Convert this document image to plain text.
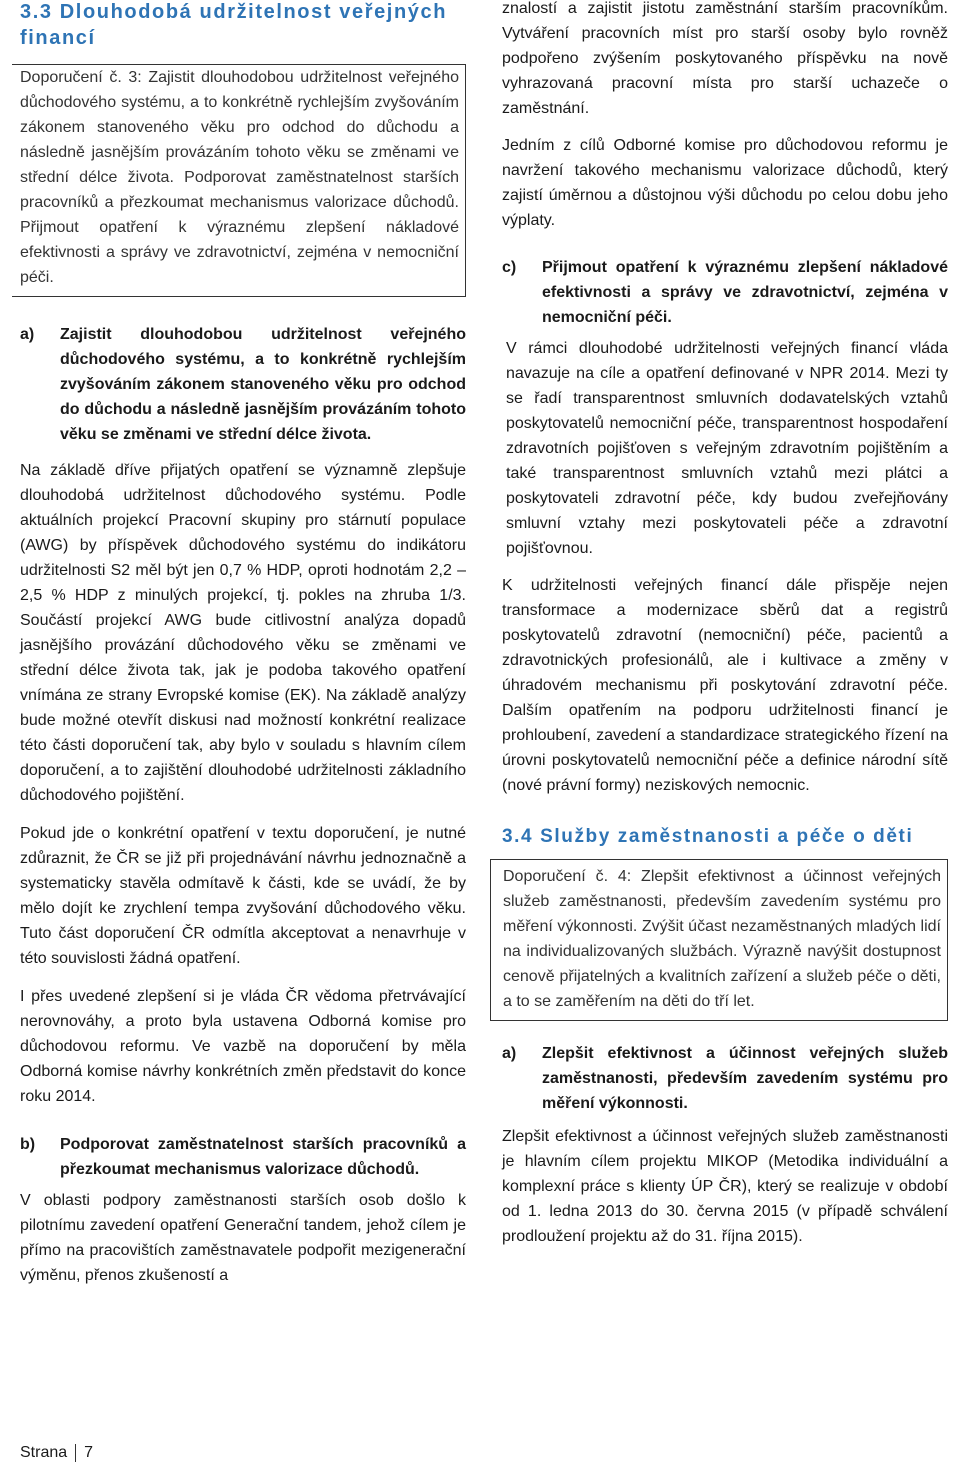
3.3 Dlouhodobá udržitelnost veřejných financí
Doporučení č. 3: Zajistit dlouhodobou udržitelnost veřejného důchodového systému, a to konkrétně rychlejším zvyšováním zákonem stanoveného věku pro odchod do důchodu a následně jasnějším provázáním tohoto věku se změnami ve střední délce života. Podporovat zaměstnatelnost starších pracovníků a přezkoumat mechanismus valorizace důchodů. Přijmout opatření k výraznému zlepšení nákladové efektivnosti a správy ve zdravotnictví, zejména v nemocniční péči.
a)	Zajistit dlouhodobou udržitelnost veřejného důchodového systému, a to konkrétně rychlejším zvyšováním zákonem stanoveného věku pro odchod do důchodu a následně jasnějším provázáním tohoto věku se změnami ve střední délce života.

Na základě dříve přijatých opatření se významně zlepšuje dlouhodobá udržitelnost důchodového systému. Podle aktuálních projekcí Pracovní skupiny pro stárnutí populace (AWG) by příspěvek důchodového systému do indikátoru udržitelnosti S2 měl být jen 0,7 % HDP, oproti hodnotám 2,2 – 2,5 % HDP z minulých projekcí, tj. pokles na zhruba 1/3. Součástí projekcí AWG bude citlivostní analýza dopadů jasnějšího provázání důchodového věku se změnami ve střední délce života tak, jak je podoba takového opatření vnímána ze strany Evropské komise (EK). Na základě analýzy bude možné otevřít diskusi nad možností konkrétní realizace této části doporučení tak, aby bylo v souladu s hlavním cílem doporučení, a to zajištění dlouhodobé udržitelnosti základního důchodového pojištění.

Pokud jde o konkrétní opatření v textu doporučení, je nutné zdůraznit, že ČR se již při projednávání návrhu jednoznačně a systematicky stavěla odmítavě k části, kde se uvádí, že by mělo dojít ke zrychlení tempa zvyšování důchodového věku. Tuto část doporučení ČR odmítla akceptovat a nenavrhuje v této souvislosti žádná opatření.

I přes uvedené zlepšení si je vláda ČR vědoma přetrvávající nerovnováhy, a proto byla ustavena Odborná komise pro důchodovou reformu. Ve vazbě na doporučení by měla Odborná komise návrhy konkrétních změn představit do konce roku 2014.

b)	Podporovat zaměstnatelnost starších pracovníků a přezkoumat mechanismus valorizace důchodů.

V oblasti podpory zaměstnanosti starších osob došlo k pilotnímu zavedení opatření Generační tandem, jehož cílem je přímo na pracovištích zaměstnavatele podpořit mezigenerační výměnu, přenos zkušeností a

znalostí a zajistit jistotu zaměstnání starším pracovníkům. Vytváření pracovních míst pro starší osoby bylo rovněž podpořeno zvýšením poskytovaného příspěvku na nově vyhrazovaná pracovní místa pro starší uchazeče o zaměstnání.

Jedním z cílů Odborné komise pro důchodovou reformu je navržení takového mechanismu valorizace důchodů, který zajistí úměrnou a důstojnou výši důchodu po celou dobu jeho výplaty.

c)	Přijmout opatření k výraznému zlepšení nákladové efektivnosti a správy ve zdravotnictví, zejména v nemocniční péči.

V rámci dlouhodobé udržitelnosti veřejných financí vláda navazuje na cíle a opatření definované v NPR 2014. Mezi ty se řadí transparentnost smluvních dodavatelských vztahů poskytovatelů nemocniční péče, transparentnost hospodaření zdravotních pojišťoven s veřejným zdravotním pojištěním a také transparentnost smluvních vztahů mezi plátci a poskytovateli zdravotní péče, kdy budou zveřejňovány smluvní vztahy mezi poskytovateli péče a zdravotní pojišťovnou.

K udržitelnosti veřejných financí dále přispěje nejen transformace a modernizace sběrů dat a registrů poskytovatelů zdravotní (nemocniční) péče, pacientů a zdravotnických profesionálů, ale i kultivace a změny v úhradovém mechanismu při poskytování zdravotní péče. Dalším opatřením na podporu udržitelnosti financí je prohloubení, zavedení a standardizace strategického řízení na úrovni poskytovatelů nemocniční péče a definice národní sítě (nové právní formy) neziskových nemocnic.

3.4 Služby zaměstnanosti a péče o děti
Doporučení č. 4: Zlepšit efektivnost a účinnost veřejných služeb zaměstnanosti, především zavedením systému pro měření výkonnosti. Zvýšit účast nezaměstnaných mladých lidí na individualizovaných službách. Výrazně navýšit dostupnost cenově přijatelných a kvalitních zařízení a služeb péče o děti, a to se zaměřením na děti do tří let.
a)	Zlepšit efektivnost a účinnost veřejných služeb zaměstnanosti, především zavedením systému pro měření výkonnosti.

Zlepšit efektivnost a účinnost veřejných služeb zaměstnanosti je hlavním cílem projektu MIKOP (Metodika individuální a komplexní práce s klienty ÚP ČR), který se realizuje v období od 1. ledna 2013 do 30. června 2015 (v případě schválení prodloužení projektu až do 31. října 2015).

Strana 7
